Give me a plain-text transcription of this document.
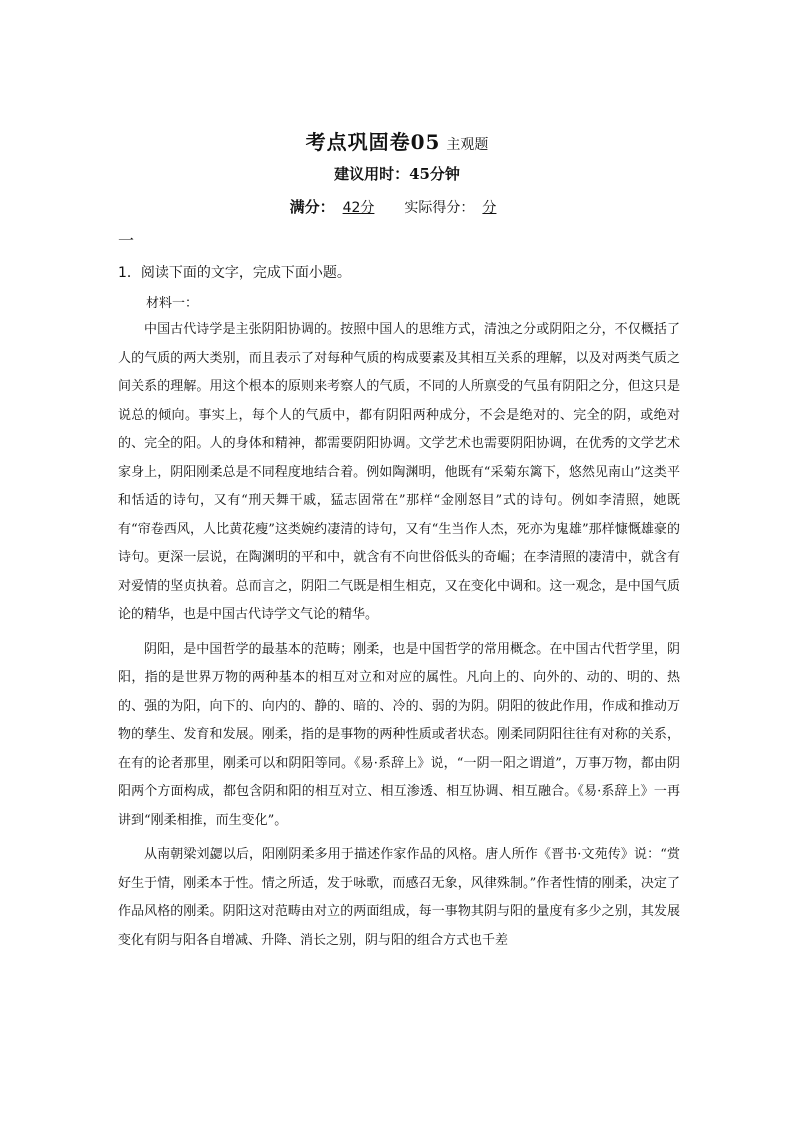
考点巩固卷05 主观题
建议用时：45分钟
满分： 42分 实际得分： 分
一
1．阅读下面的文字，完成下面小题。
材料一：

中国古代诗学是主张阴阳协调的。按照中国人的思维方式，清浊之分或阴阳之分，不仅概括了人的气质的两大类别，而且表示了对每种气质的构成要素及其相互关系的理解，以及对两类气质之间关系的理解。用这个根本的原则来考察人的气质，不同的人所禀受的气虽有阴阳之分，但这只是说总的倾向。事实上，每个人的气质中，都有阴阳两种成分，不会是绝对的、完全的阴，或绝对的、完全的阳。人的身体和精神，都需要阴阳协调。文学艺术也需要阴阳协调，在优秀的文学艺术家身上，阴阳刚柔总是不同程度地结合着。例如陶渊明，他既有“采菊东篱下，悠然见南山”这类平和恬适的诗句，又有“刑天舞干戚，猛志固常在”那样“金刚怒目”式的诗句。例如李清照，她既有“帘卷西风，人比黄花瘦”这类婉约凄清的诗句，又有“生当作人杰，死亦为鬼雄”那样慷慨雄豪的诗句。更深一层说，在陶渊明的平和中，就含有不向世俗低头的奇崛；在李清照的凄清中，就含有对爱情的坚贞执着。总而言之，阴阳二气既是相生相克，又在变化中调和。这一观念，是中国气质论的精华，也是中国古代诗学文气论的精华。

阴阳，是中国哲学的最基本的范畴；刚柔，也是中国哲学的常用概念。在中国古代哲学里，阴阳，指的是世界万物的两种基本的相互对立和对应的属性。凡向上的、向外的、动的、明的、热的、强的为阳，向下的、向内的、静的、暗的、冷的、弱的为阴。阴阳的彼此作用，作成和推动万物的孳生、发育和发展。刚柔，指的是事物的两种性质或者状态。刚柔同阴阳往往有对称的关系，在有的论者那里，刚柔可以和阴阳等同。《易·系辞上》说，“一阴一阳之谓道”，万事万物，都由阴阳两个方面构成，都包含阴和阳的相互对立、相互渗透、相互协调、相互融合。《易·系辞上》一再讲到“刚柔相推，而生变化”。

从南朝梁刘勰以后，阳刚阴柔多用于描述作家作品的风格。唐人所作《晋书·文苑传》说：“赏好生于情，刚柔本于性。情之所适，发于咏歌，而感召无象，风律殊制。”作者性情的刚柔，决定了作品风格的刚柔。阴阳这对范畴由对立的两面组成，每一事物其阴与阳的量度有多少之别，其发展变化有阴与阳各自增减、升降、消长之别，阴与阳的组合方式也千差
